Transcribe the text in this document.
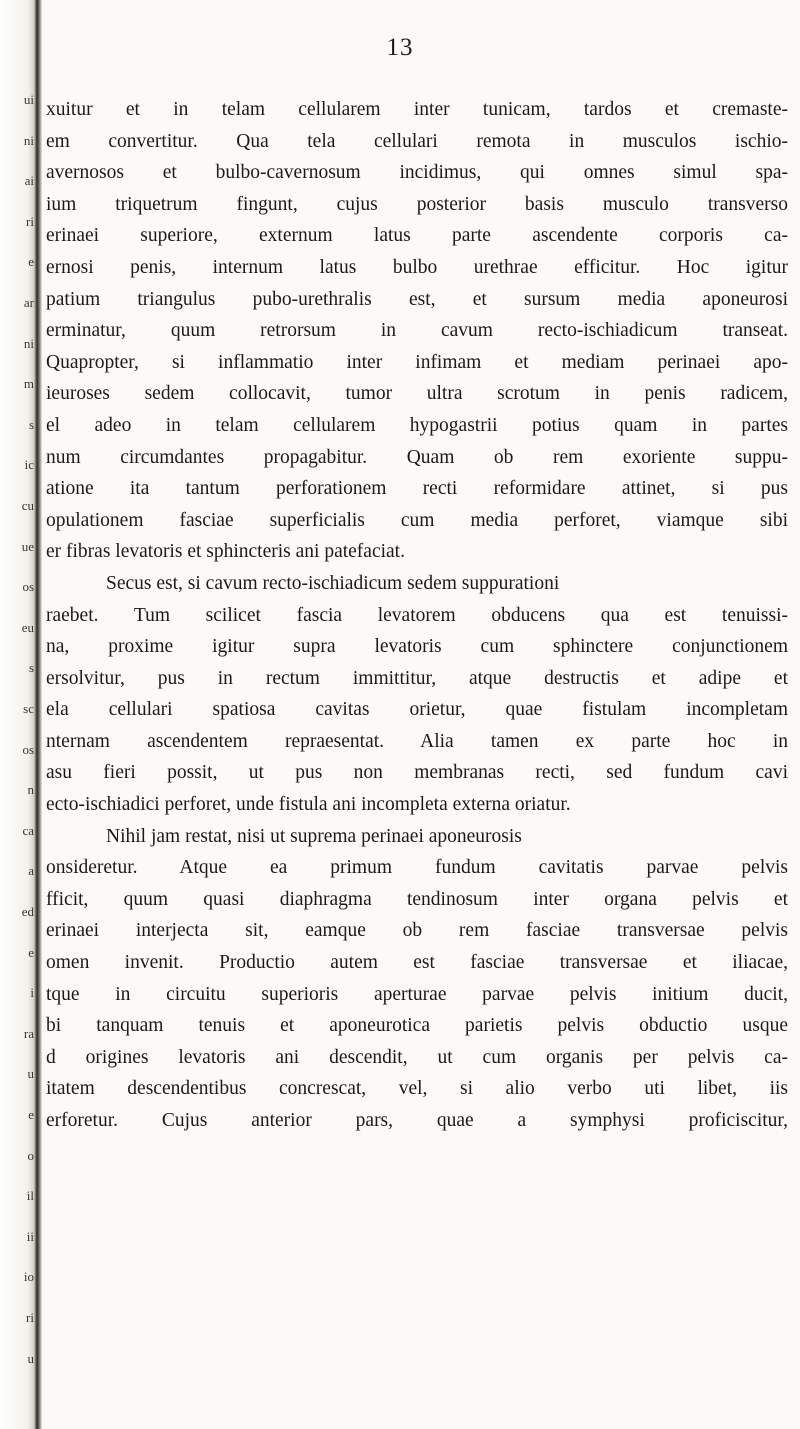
ui
ni
ai
ri
e
ar
ni
m
s
ic
cu
ue
os
eu
s
sc
os
n
ca
a
ed
e
i
ra
u
e
o
il
ii
io
ri
u
13
xuitur et in telam cellularem inter tunicam, tardos et cremaste-
em convertitur. Qua tela cellulari remota in musculos ischio-
avernosos et bulbo-cavernosum incidimus, qui omnes simul spa-
ium triquetrum fingunt, cujus posterior basis musculo transverso
erinaei superiore, externum latus parte ascendente corporis ca-
ernosi penis, internum latus bulbo urethrae efficitur. Hoc igitur
patium triangulus pubo-urethralis est, et sursum media aponeurosi
erminatur, quum retrorsum in cavum recto-ischiadicum transeat.
Quapropter, si inflammatio inter infimam et mediam perinaei apo-
ieuroses sedem collocavit, tumor ultra scrotum in penis radicem,
el adeo in telam cellularem hypogastrii potius quam in partes
num circumdantes propagabitur. Quam ob rem exoriente suppu-
atione ita tantum perforationem recti reformidare attinet, si pus
opulationem fasciae superficialis cum media perforet, viamque sibi
er fibras levatoris et sphincteris ani patefaciat.
Secus est, si cavum recto-ischiadicum sedem suppurationi
raebet. Tum scilicet fascia levatorem obducens qua est tenuissi-
na, proxime igitur supra levatoris cum sphinctere conjunctionem
ersolvitur, pus in rectum immittitur, atque destructis et adipe et
ela cellulari spatiosa cavitas orietur, quae fistulam incompletam
nternam ascendentem repraesentat. Alia tamen ex parte hoc in
asu fieri possit, ut pus non membranas recti, sed fundum cavi
ecto-ischiadici perforet, unde fistula ani incompleta externa oriatur.
Nihil jam restat, nisi ut suprema perinaei aponeurosis
onsideretur. Atque ea primum fundum cavitatis parvae pelvis
fficit, quum quasi diaphragma tendinosum inter organa pelvis et
erinaei interjecta sit, eamque ob rem fasciae transversae pelvis
omen invenit. Productio autem est fasciae transversae et iliacae,
tque in circuitu superioris aperturae parvae pelvis initium ducit,
bi tanquam tenuis et aponeurotica parietis pelvis obductio usque
d origines levatoris ani descendit, ut cum organis per pelvis ca-
itatem descendentibus concrescat, vel, si alio verbo uti libet, iis
erforetur. Cujus anterior pars, quae a symphysi proficiscitur,
